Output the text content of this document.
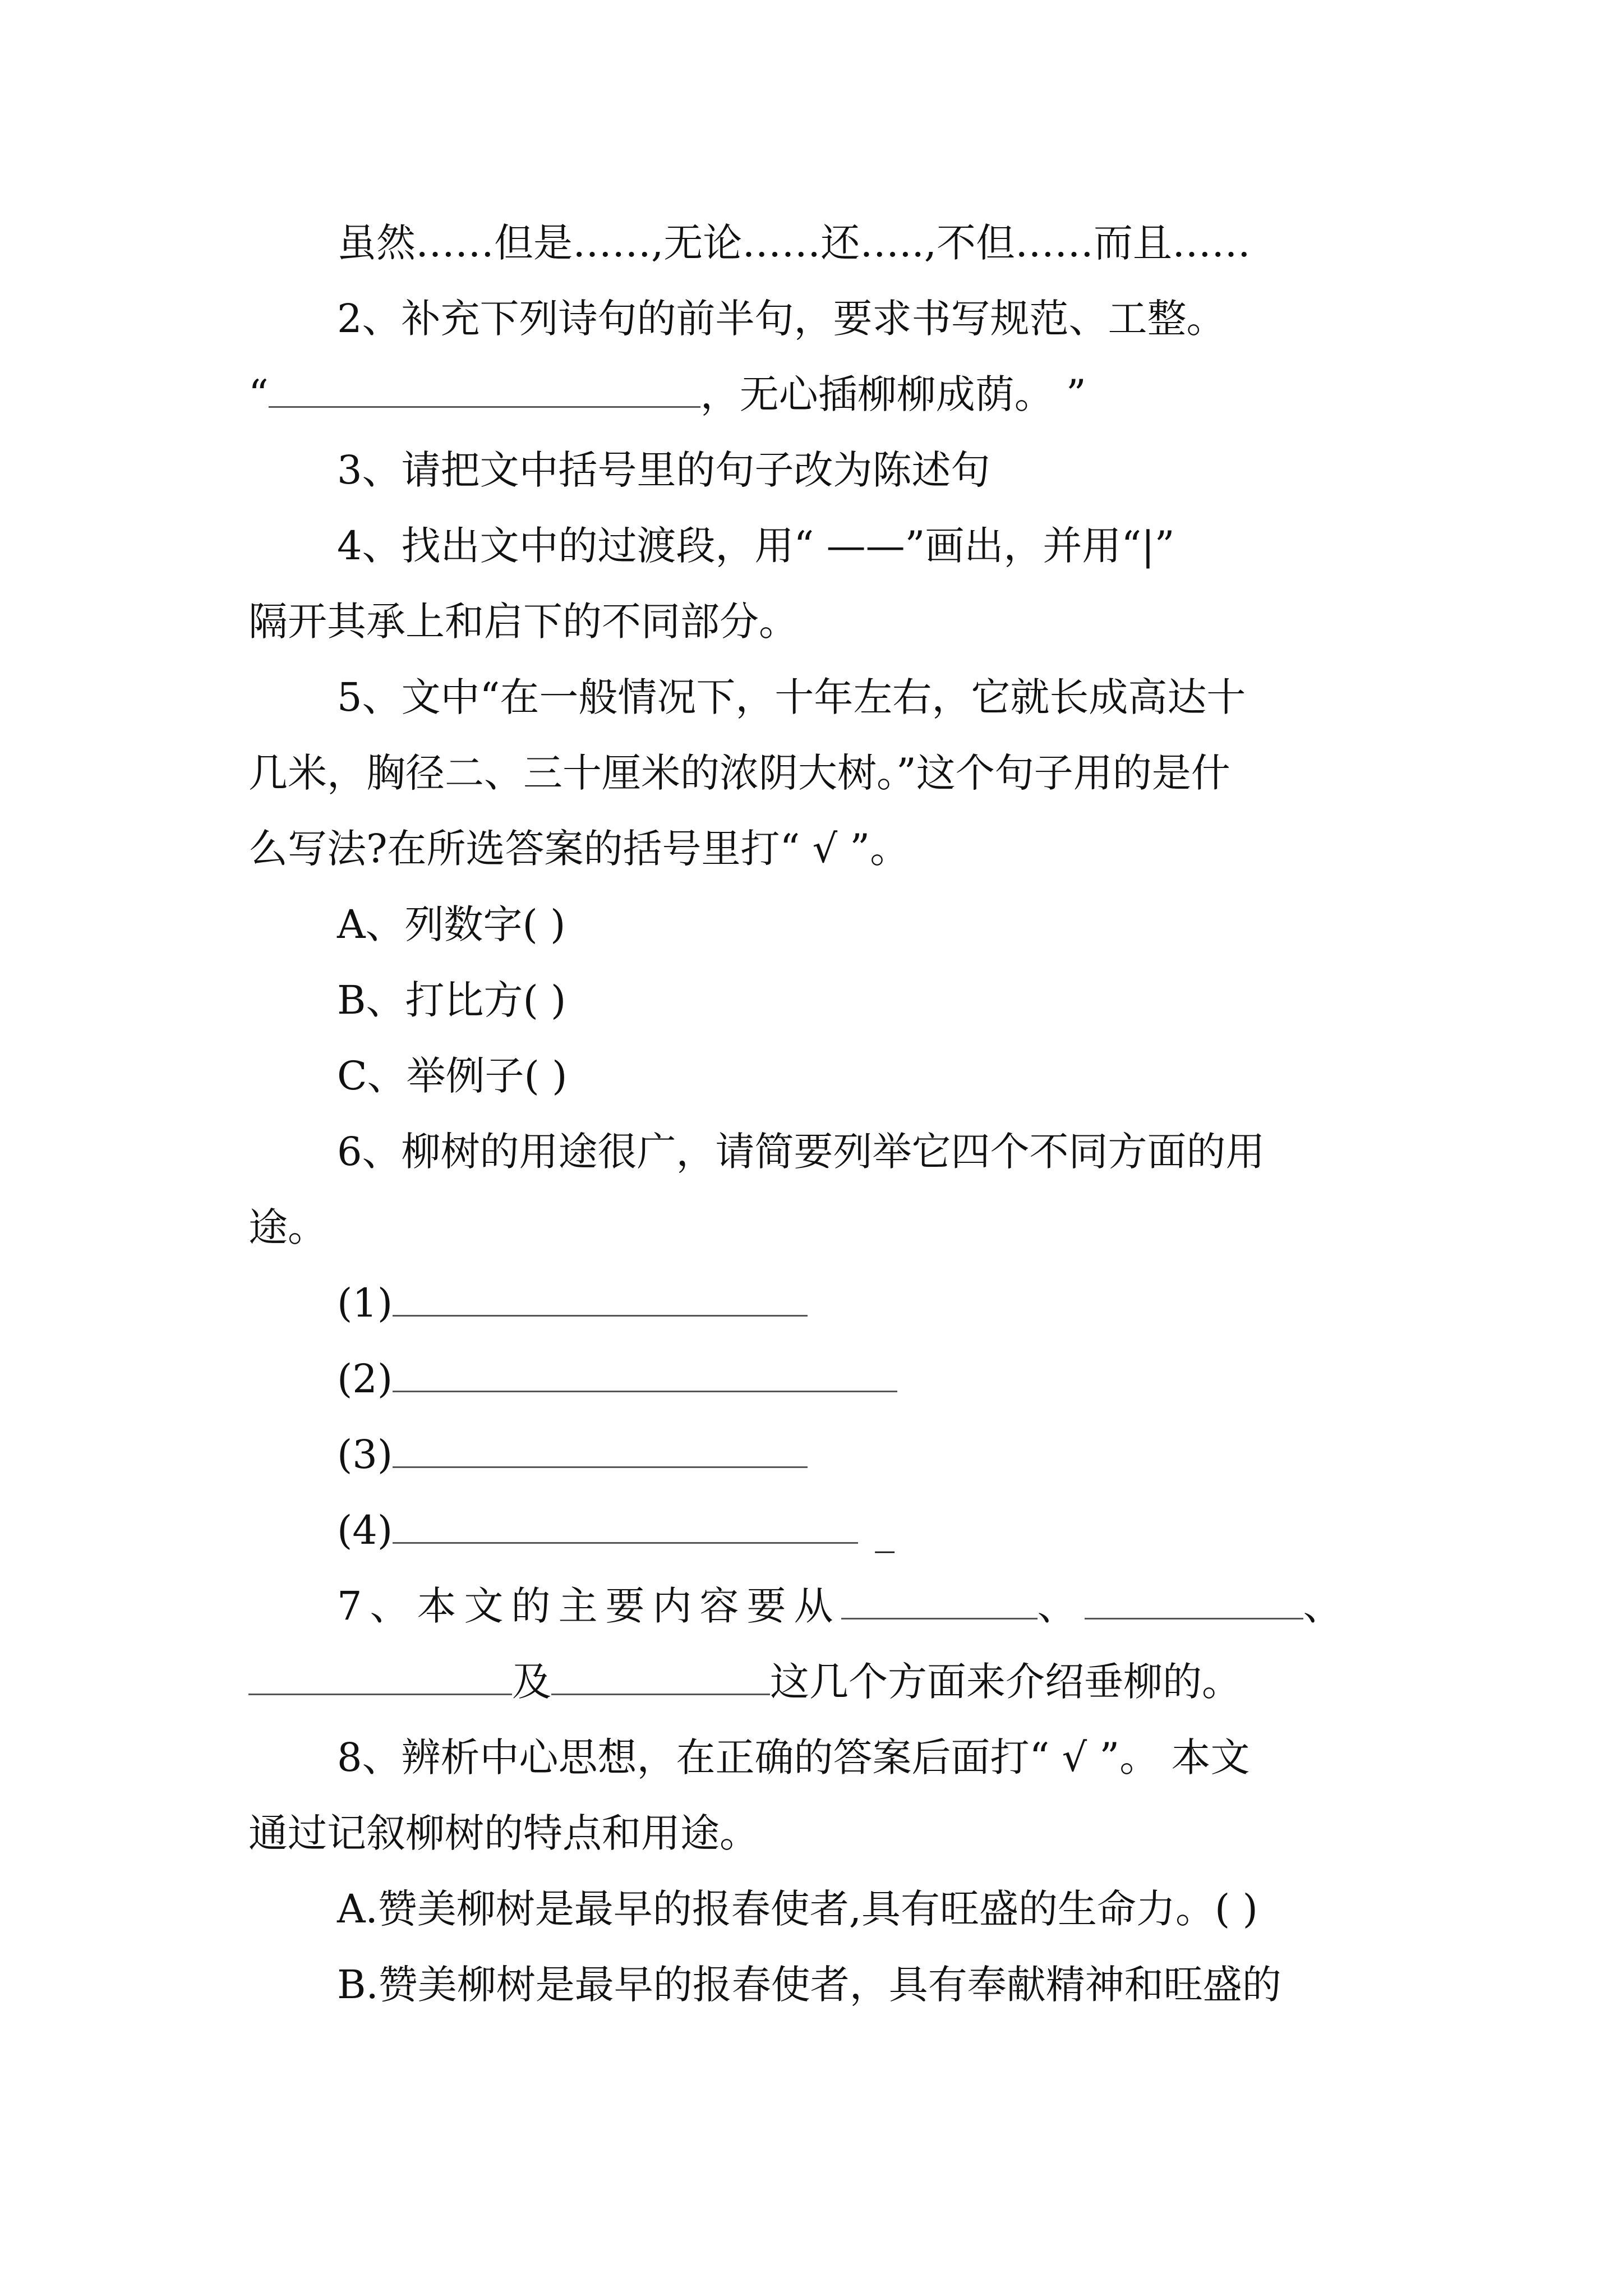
虽然……但是……,无论……还…..,不但……而且……
2、补充下列诗句的前半句，要求书写规范、工整。
“	，无心插柳柳成荫。 ”
3、请把文中括号里的句子改为陈述句
4、找出文中的过渡段，用“ ——”画出，并用“|”
隔开其承上和启下的不同部分。
5、文中“在一般情况下，十年左右，它就长成高达十
几米，胸径二、三十厘米的浓阴大树。”这个句子用的是什
么写法?在所选答案的括号里打“ √ ”。
A、列数字( )
B、打比方( )
C、举例子( )
6、柳树的用途很广，请简要列举它四个不同方面的用
途。
(1)
(2)
(3)
(4)	_
7、本文的主要内容要从	、	、
及	这几个方面来介绍垂柳的。
8、辨析中心思想，在正确的答案后面打“ √ ”。 本文
通过记叙柳树的特点和用途。
A.赞美柳树是最早的报春使者,具有旺盛的生命力。( )
B.赞美柳树是最早的报春使者，具有奉献精神和旺盛的
